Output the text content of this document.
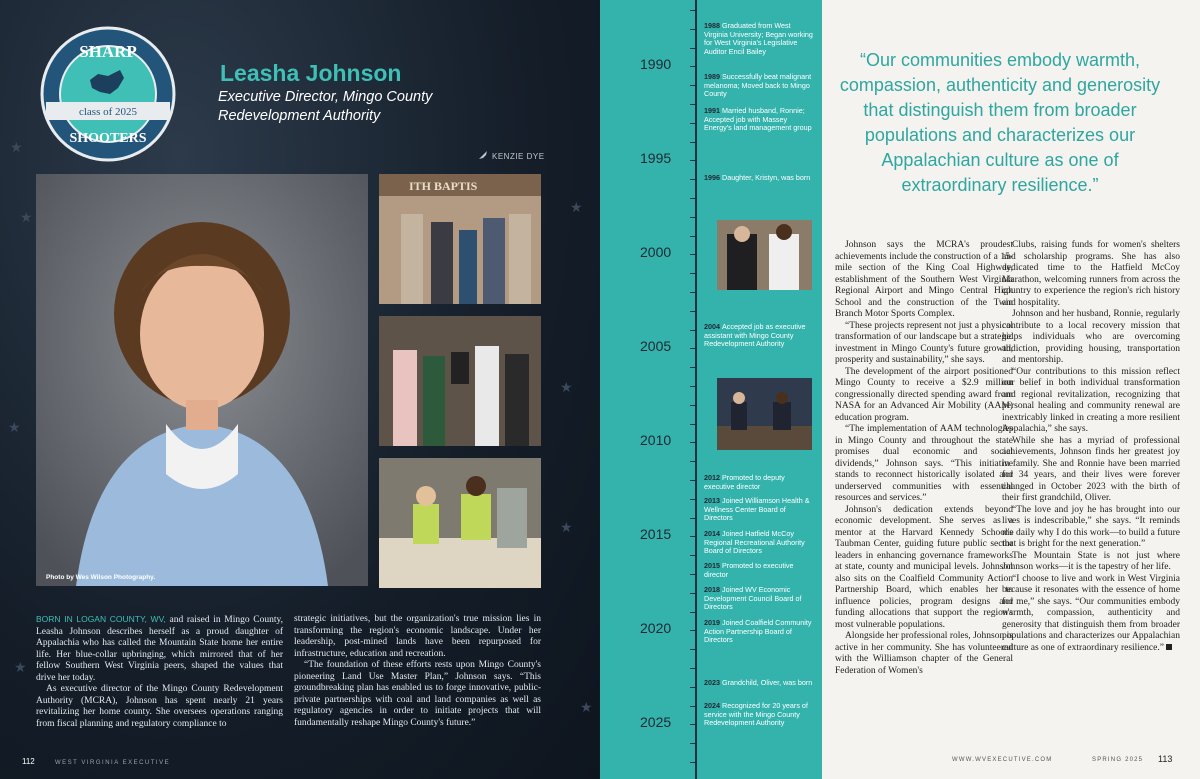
★
★
★
★
★
★
★
★
SHARP
class of 2025
SHOOTERS
Leasha Johnson
Executive Director, Mingo County
Redevelopment Authority
KENZIE DYE
Photo by Wes Wilson Photography.
ITH BAPTIS

BORN IN LOGAN COUNTY, WV, and raised in Mingo County, Leasha Johnson describes herself as a proud daughter of Appalachia who has called the Mountain State home her entire life. Her blue-collar upbringing, which mirrored that of her fellow Southern West Virginia peers, shaped the values that drive her today.

As executive director of the Mingo County Redevelopment Authority (MCRA), Johnson has spent nearly 21 years revitalizing her home county. She oversees operations ranging from fiscal planning and regulatory compliance to

strategic initiatives, but the organization's true mission lies in transforming the region's economic landscape. Under her leadership, post-mined lands have been repurposed for infrastructure, education and recreation.

“The foundation of these efforts rests upon Mingo County's pioneering Land Use Master Plan,” Johnson says. “This groundbreaking plan has enabled us to forge innovative, public-private partnerships with coal and land companies as well as regulatory agencies in order to initiate projects that will fundamentally reshape Mingo County's future.”

112	WEST VIRGINIA EXECUTIVE
1990
1995
2000
2005
2010
2015
2020
2025
1988 Graduated from West Virginia University; Began working for West Virginia's Legislative Auditor Encil Bailey
1989 Successfully beat malignant melanoma; Moved back to Mingo County
1991 Married husband, Ronnie; Accepted job with Massey Energy's land management group
1996 Daughter, Kristyn, was born
2004 Accepted job as executive assistant with Mingo County Redevelopment Authority
2012 Promoted to deputy executive director
2013 Joined Williamson Health & Wellness Center Board of Directors
2014 Joined Hatfield McCoy Regional Recreational Authority Board of Directors
2015 Promoted to executive director
2018 Joined WV Economic Development Council Board of Directors
2019 Joined Coalfield Community Action Partnership Board of Directors
2023 Grandchild, Oliver, was born
2024 Recognized for 20 years of service with the Mingo County Redevelopment Authority
“Our communities embody warmth, compassion, authenticity and generosity that distinguish them from broader populations and characterizes our Appalachian culture as one of extraordinary resilience.”

Johnson says the MCRA's proudest achievements include the construction of a 15-mile section of the King Coal Highway, establishment of the Southern West Virginia Regional Airport and Mingo Central High School and the construction of the Twin Branch Motor Sports Complex.

“These projects represent not just a physical transformation of our landscape but a strategic investment in Mingo County's future growth, prosperity and sustainability,” she says.

The development of the airport positioned Mingo County to receive a $2.9 million congressionally directed spending award from NASA for an Advanced Air Mobility (AAM) education program.

“The implementation of AAM technologies in Mingo County and throughout the state promises dual economic and social dividends,” Johnson says. “This initiative stands to reconnect historically isolated and underserved communities with essential resources and services.”

Johnson's dedication extends beyond economic development. She serves as a mentor at the Harvard Kennedy School's Taubman Center, guiding future public sector leaders in enhancing governance frameworks at state, county and municipal levels. Johnson also sits on the Coalfield Community Action Partnership Board, which enables her to influence policies, program designs and funding allocations that support the region's most vulnerable populations.

Alongside her professional roles, Johnson is active in her community. She has volunteered with the Williamson chapter of the General Federation of Women's

Clubs, raising funds for women's shelters and scholarship programs. She has also dedicated time to the Hatfield McCoy Marathon, welcoming runners from across the country to experience the region's rich history and hospitality.

Johnson and her husband, Ronnie, regularly contribute to a local recovery mission that helps individuals who are overcoming addiction, providing housing, transportation and mentorship.

“Our contributions to this mission reflect our belief in both individual transformation and regional revitalization, recognizing that personal healing and community renewal are inextricably linked in creating a more resilient Appalachia,” she says.

While she has a myriad of professional achievements, Johnson finds her greatest joy in family. She and Ronnie have been married for 34 years, and their lives were forever changed in October 2023 with the birth of their first grandchild, Oliver.

“The love and joy he has brought into our lives is indescribable,” she says. “It reminds me daily why I do this work—to build a future that is bright for the next generation.”

The Mountain State is not just where Johnson works—it is the tapestry of her life.

“I choose to live and work in West Virginia because it resonates with the essence of home for me,” she says. “Our communities embody warmth, compassion, authenticity and generosity that distinguish them from broader populations and characterizes our Appalachian culture as one of extraordinary resilience.”

WWW.WVEXECUTIVE.COM	SPRING 2025 113
